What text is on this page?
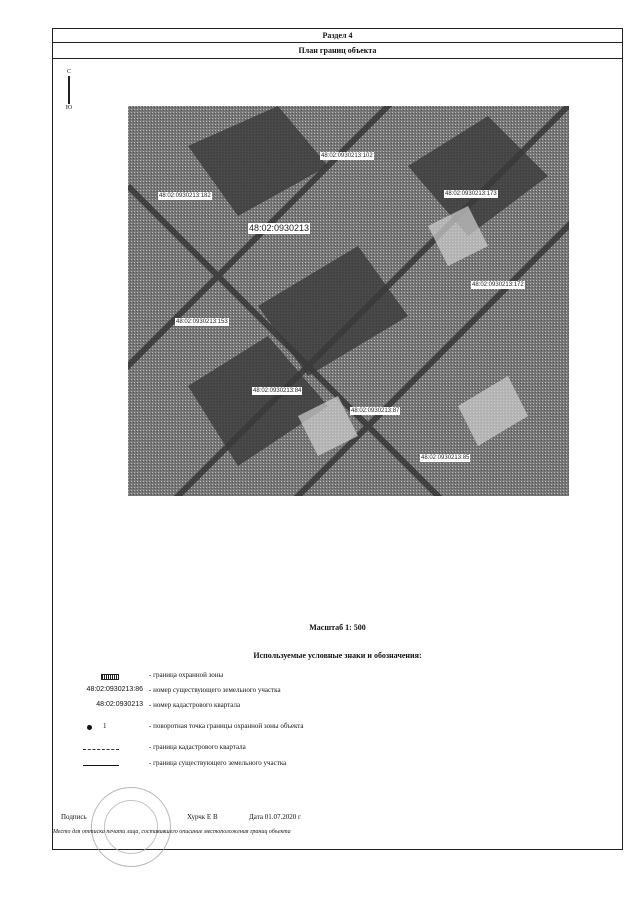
Раздел 4
План границ объекта
С
Ю
48:02:0930213:102
48:02:0930213:182	48:02:0930213:173
48:02:0930213
48:02:0930213:172
48:02:0930213:153
48:02:0930213:84
48:02:0930213:87
48:02:0930213:85
Масштаб 1: 500
Используемые условные знаки и обозначения:
- граница охранной зоны
48:02:0930213:86 - номер существующего земельного участка
48:02:0930213 - номер кадастрового квартала
1	- поворотная точка границы охранной зоны объекта
- граница кадастрового квартала
- граница существующего земельного участка
Подпись	Хурчк Е В	Дата 01.07.2020 г
Место для оттиска печати лица, составившего описание местоположения границ объекта
